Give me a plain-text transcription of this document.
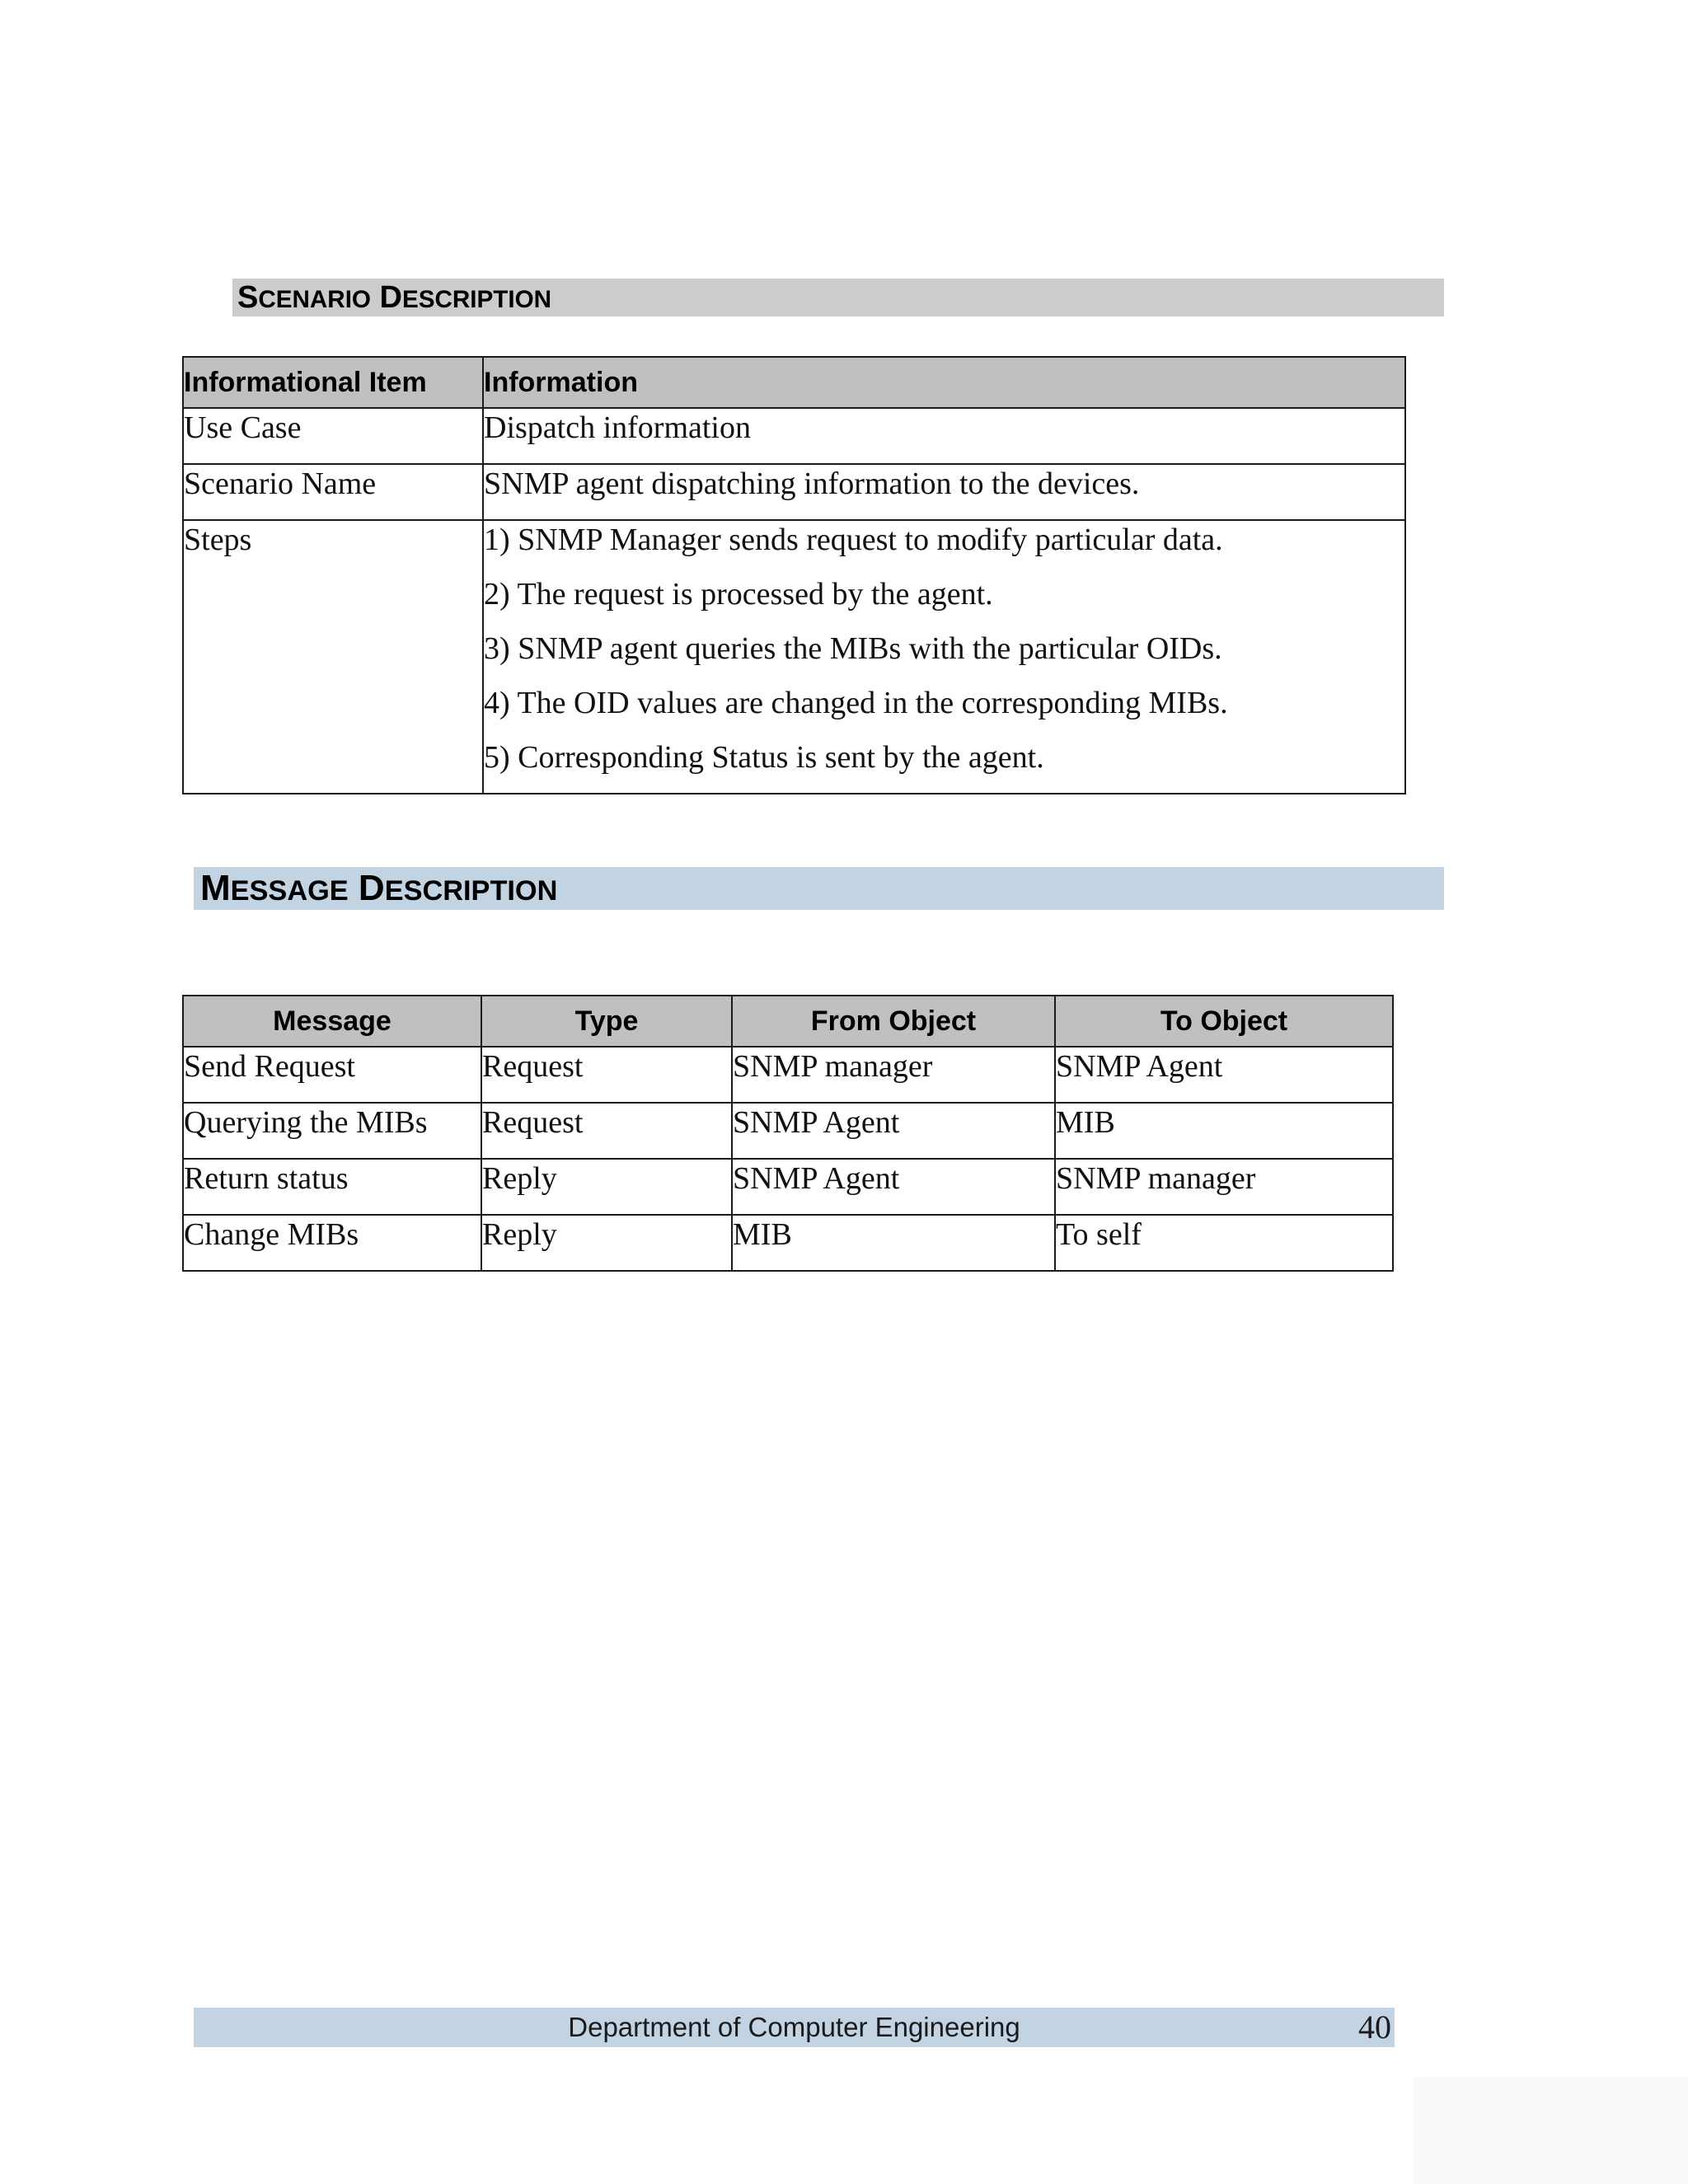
SCENARIO DESCRIPTION
Informational Item	Information
Use Case	Dispatch information
Scenario Name	SNMP agent dispatching information to the devices.
Steps	1) SNMP Manager sends request to modify particular data.
2) The request is processed by the agent.
3) SNMP agent queries the MIBs with the particular OIDs.
4) The OID values are changed in the corresponding MIBs.
5) Corresponding Status is sent by the agent.
MESSAGE DESCRIPTION
Message	Type	From Object	To Object
Send Request	Request	SNMP manager	SNMP Agent
Querying the MIBs	Request	SNMP Agent	MIB
Return status	Reply	SNMP Agent	SNMP manager
Change MIBs	Reply	MIB	To self
Department of Computer Engineering	40
